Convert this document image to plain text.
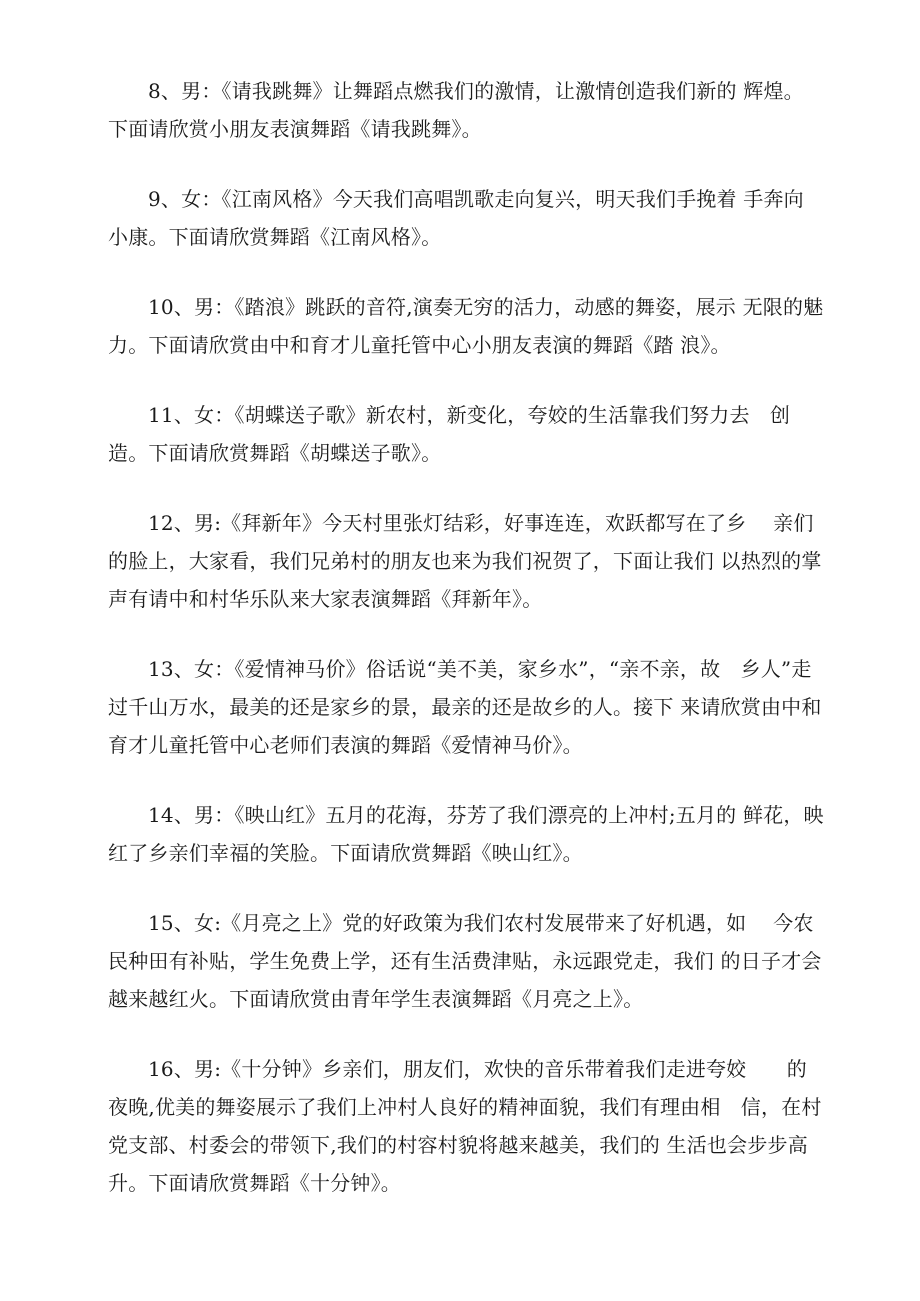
8、男：《请我跳舞》让舞蹈点燃我们的激情，让激情创造我们新的 辉煌。下面请欣赏小朋友表演舞蹈《请我跳舞》。

9、女：《江南风格》今天我们高唱凯歌走向复兴，明天我们手挽着 手奔向小康。下面请欣赏舞蹈《江南风格》。

10、男：《踏浪》跳跃的音符,演奏无穷的活力，动感的舞姿，展示 无限的魅力。下面请欣赏由中和育才儿童托管中心小朋友表演的舞蹈《踏 浪》。

11、女：《胡蝶送子歌》新农村，新变化，夸姣的生活靠我们努力去　创造。下面请欣赏舞蹈《胡蝶送子歌》。

12、男:《拜新年》今天村里张灯结彩，好事连连，欢跃都写在了乡　 亲们的脸上，大家看，我们兄弟村的朋友也来为我们祝贺了，下面让我们 以热烈的掌声有请中和村华乐队来大家表演舞蹈《拜新年》。

13、女：《爱情神马价》俗话说“美不美，家乡水”，“亲不亲，故　乡人”走过千山万水，最美的还是家乡的景，最亲的还是故乡的人。接下 来请欣赏由中和育才儿童托管中心老师们表演的舞蹈《爱情神马价》。

14、男：《映山红》五月的花海，芬芳了我们漂亮的上冲村;五月的 鲜花，映红了乡亲们幸福的笑脸。下面请欣赏舞蹈《映山红》。

15、女:《月亮之上》党的好政策为我们农村发展带来了好机遇，如　 今农民种田有补贴，学生免费上学，还有生活费津贴，永远跟党走，我们 的日子才会越来越红火。下面请欣赏由青年学生表演舞蹈《月亮之上》。

16、男:《十分钟》乡亲们，朋友们，欢快的音乐带着我们走进夸姣　　的夜晚,优美的舞姿展示了我们上冲村人良好的精神面貌，我们有理由相　信，在村党支部、村委会的带领下,我们的村容村貌将越来越美，我们的 生活也会步步高升。下面请欣赏舞蹈《十分钟》。
